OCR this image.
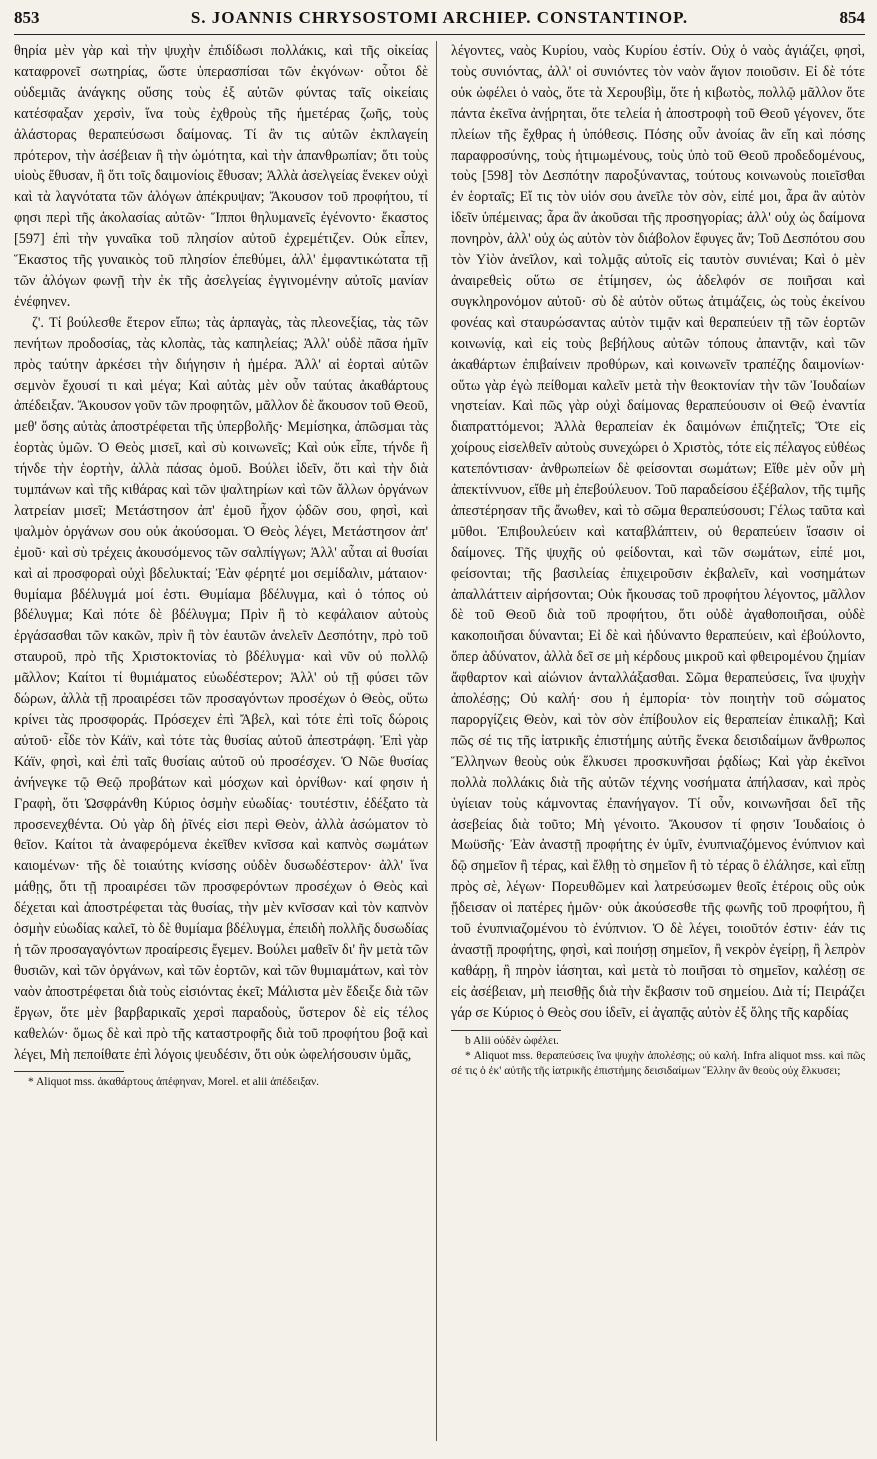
853	S. JOANNIS CHRYSOSTOMI ARCHIEP. CONSTANTINOP.	854

θηρία μὲν γὰρ καὶ τὴν ψυχὴν ἐπιδίδωσι πολλάκις, καὶ τῆς οἰκείας καταφρονεῖ σωτηρίας, ὥστε ὑπερασπίσαι τῶν ἐκγόνων· οὗτοι δὲ οὐδεμιᾶς ἀνάγκης οὔσης τοὺς ἐξ αὐτῶν φύντας ταῖς οἰκείαις κατέσφαξαν χερσὶν, ἵνα τοὺς ἐχθροὺς τῆς ἡμετέρας ζωῆς, τοὺς ἀλάστορας θεραπεύσωσι δαίμονας. Τί ἂν τις αὐτῶν ἐκπλαγείη πρότερον, τὴν ἀσέβειαν ἢ τὴν ὠμότητα, καὶ τὴν ἀπανθρωπίαν; ὅτι τοὺς υἱοὺς ἔθυσαν, ἢ ὅτι τοῖς δαιμονίοις ἔθυσαν; Ἀλλὰ ἀσελγείας ἕνεκεν οὐχὶ καὶ τὰ λαγνότατα τῶν ἀλόγων ἀπέκρυψαν; Ἄκουσον τοῦ προφήτου, τί φησι περὶ τῆς ἀκολασίας αὐτῶν· Ἵπποι θηλυμανεῖς ἐγένοντο· ἕκαστος [597] ἐπὶ τὴν γυναῖκα τοῦ πλησίον αὐτοῦ ἐχρεμέτιζεν. Οὐκ εἶπεν, Ἕκαστος τῆς γυναικὸς τοῦ πλησίον ἐπεθύμει, ἀλλ' ἐμφαντικώτατα τῇ τῶν ἀλόγων φωνῇ τὴν ἐκ τῆς ἀσελγείας ἐγγινομένην αὐτοῖς μανίαν ἐνέφηνεν.

ζ'. Τί βούλεσθε ἕτερον εἴπω; τὰς ἁρπαγὰς, τὰς πλεονεξίας, τὰς τῶν πενήτων προδοσίας, τὰς κλοπὰς, τὰς καπηλείας; Ἀλλ' οὐδὲ πᾶσα ἡμῖν πρὸς ταύτην ἀρκέσει τὴν διήγησιν ἡ ἡμέρα. Ἀλλ' αἱ ἑορταὶ αὐτῶν σεμνὸν ἔχουσί τι καὶ μέγα; Καὶ αὐτὰς μὲν οὖν ταύτας ἀκαθάρτους ἀπέδειξαν. Ἄκουσον γοῦν τῶν προφητῶν, μᾶλλον δὲ ἄκουσον τοῦ Θεοῦ, μεθ' ὅσης αὐτὰς ἀποστρέφεται τῆς ὑπερβολῆς· Μεμίσηκα, ἀπῶσμαι τὰς ἑορτὰς ὑμῶν. Ὁ Θεὸς μισεῖ, καὶ σὺ κοινωνεῖς; Καὶ οὐκ εἶπε, τήνδε ἢ τήνδε τὴν ἑορτὴν, ἀλλὰ πάσας ὁμοῦ. Βούλει ἰδεῖν, ὅτι καὶ τὴν διὰ τυμπάνων καὶ τῆς κιθάρας καὶ τῶν ψαλτηρίων καὶ τῶν ἄλλων ὀργάνων λατρείαν μισεῖ; Μετάστησον ἀπ' ἐμοῦ ἦχον ᾠδῶν σου, φησὶ, καὶ ψαλμὸν ὀργάνων σου οὐκ ἀκούσομαι. Ὁ Θεὸς λέγει, Μετάστησον ἀπ' ἐμοῦ· καὶ σὺ τρέχεις ἀκουσόμενος τῶν σαλπίγγων; Ἀλλ' αὗται αἱ θυσίαι καὶ αἱ προσφοραὶ οὐχὶ βδελυκταί; Ἐὰν φέρητέ μοι σεμίδαλιν, μάταιον· θυμίαμα βδέλυγμά μοί ἐστι. Θυμίαμα βδέλυγμα, καὶ ὁ τόπος οὐ βδέλυγμα; Καὶ πότε δὲ βδέλυγμα; Πρὶν ἢ τὸ κεφάλαιον αὐτοὺς ἐργάσασθαι τῶν κακῶν, πρὶν ἢ τὸν ἑαυτῶν ἀνελεῖν Δεσπότην, πρὸ τοῦ σταυροῦ, πρὸ τῆς Χριστοκτονίας τὸ βδέλυγμα· καὶ νῦν οὐ πολλῷ μᾶλλον; Καίτοι τί θυμιάματος εὐωδέστερον; Ἀλλ' οὐ τῇ φύσει τῶν δώρων, ἀλλὰ τῇ προαιρέσει τῶν προσαγόντων προσέχων ὁ Θεὸς, οὕτω κρίνει τὰς προσφοράς. Πρόσεχεν ἐπὶ Ἄβελ, καὶ τότε ἐπὶ τοῖς δώροις αὐτοῦ· εἶδε τὸν Κάϊν, καὶ τότε τὰς θυσίας αὐτοῦ ἀπεστράφη. Ἐπὶ γὰρ Κάϊν, φησὶ, καὶ ἐπὶ ταῖς θυσίαις αὐτοῦ οὐ προσέσχεν. Ὁ Νῶε θυσίας ἀνήνεγκε τῷ Θεῷ προβάτων καὶ μόσχων καὶ ὀρνίθων· καί φησιν ἡ Γραφὴ, ὅτι Ὠσφράνθη Κύριος ὀσμὴν εὐωδίας· τουτέστιν, ἐδέξατο τὰ προσενεχθέντα. Οὐ γὰρ δὴ ῥῖνές εἰσι περὶ Θεὸν, ἀλλὰ ἀσώματον τὸ θεῖον. Καίτοι τὰ ἀναφερόμενα ἐκεῖθεν κνῖσσα καὶ καπνὸς σωμάτων καιομένων· τῆς δὲ τοιαύτης κνίσσης οὐδὲν δυσωδέστερον· ἀλλ' ἵνα μάθῃς, ὅτι τῇ προαιρέσει τῶν προσφερόντων προσέχων ὁ Θεὸς καὶ δέχεται καὶ ἀποστρέφεται τὰς θυσίας, τὴν μὲν κνῖσσαν καὶ τὸν καπνὸν ὀσμὴν εὐωδίας καλεῖ, τὸ δὲ θυμίαμα βδέλυγμα, ἐπειδὴ πολλῆς δυσωδίας ἡ τῶν προσαγαγόντων προαίρεσις ἔγεμεν. Βούλει μαθεῖν δι' ἣν μετὰ τῶν θυσιῶν, καὶ τῶν ὀργάνων, καὶ τῶν ἑορτῶν, καὶ τῶν θυμιαμάτων, καὶ τὸν ναὸν ἀποστρέφεται διὰ τοὺς εἰσιόντας ἐκεῖ; Μάλιστα μὲν ἔδειξε διὰ τῶν ἔργων, ὅτε μὲν βαρβαρικαῖς χερσὶ παραδοὺς, ὕστερον δὲ εἰς τέλος καθελών· ὅμως δὲ καὶ πρὸ τῆς καταστροφῆς διὰ τοῦ προφήτου βοᾷ καὶ λέγει, Μὴ πεποίθατε ἐπὶ λόγοις ψευδέσιν, ὅτι οὐκ ὠφελήσουσιν ὑμᾶς,

* Aliquot mss. ἀκαθάρτους ἀπέφηναν, Morel. et alii ἀπέδειξαν.

λέγοντες, ναὸς Κυρίου, ναὸς Κυρίου ἐστίν. Οὐχ ὁ ναὸς ἁγιάζει, φησὶ, τοὺς συνιόντας, ἀλλ' οἱ συνιόντες τὸν ναὸν ἅγιον ποιοῦσιν. Εἰ δὲ τότε οὐκ ὠφέλει ὁ ναὸς, ὅτε τὰ Χερουβὶμ, ὅτε ἡ κιβωτὸς, πολλῷ μᾶλλον ὅτε πάντα ἐκεῖνα ἀνῄρηται, ὅτε τελεία ἡ ἀποστροφὴ τοῦ Θεοῦ γέγονεν, ὅτε πλείων τῆς ἔχθρας ἡ ὑπόθεσις. Πόσης οὖν ἀνοίας ἂν εἴη καὶ πόσης παραφροσύνης, τοὺς ἠτιμωμένους, τοὺς ὑπὸ τοῦ Θεοῦ προδεδομένους, τοὺς [598] τὸν Δεσπότην παροξύναντας, τούτους κοινωνοὺς ποιεῖσθαι ἐν ἑορταῖς; Εἴ τις τὸν υἱόν σου ἀνεῖλε τὸν σὸν, εἰπέ μοι, ἆρα ἂν αὐτὸν ἰδεῖν ὑπέμεινας; ἆρα ἂν ἀκοῦσαι τῆς προσηγορίας; ἀλλ' οὐχ ὡς δαίμονα πονηρὸν, ἀλλ' οὐχ ὡς αὐτὸν τὸν διάβολον ἔφυγες ἄν; Τοῦ Δεσπότου σου τὸν Υἱὸν ἀνεῖλον, καὶ τολμᾷς αὐτοῖς εἰς ταυτὸν συνιέναι; Καὶ ὁ μὲν ἀναιρεθεὶς οὕτω σε ἐτίμησεν, ὡς ἀδελφόν σε ποιῆσαι καὶ συγκληρονόμον αὐτοῦ· σὺ δὲ αὐτὸν οὕτως ἀτιμάζεις, ὡς τοὺς ἐκείνου φονέας καὶ σταυρώσαντας αὐτὸν τιμᾷν καὶ θεραπεύειν τῇ τῶν ἑορτῶν κοινωνίᾳ, καὶ εἰς τοὺς βεβήλους αὐτῶν τόπους ἀπαντᾷν, καὶ τῶν ἀκαθάρτων ἐπιβαίνειν προθύρων, καὶ κοινωνεῖν τραπέζης δαιμονίων· οὕτω γὰρ ἐγὼ πείθομαι καλεῖν μετὰ τὴν θεοκτονίαν τὴν τῶν Ἰουδαίων νηστείαν. Καὶ πῶς γὰρ οὐχὶ δαίμονας θεραπεύουσιν οἱ Θεῷ ἐναντία διαπραττόμενοι; Ἀλλὰ θεραπείαν ἐκ δαιμόνων ἐπιζητεῖς; Ὅτε εἰς χοίρους εἰσελθεῖν αὐτοὺς συνεχώρει ὁ Χριστὸς, τότε εἰς πέλαγος εὐθέως κατεπόντισαν· ἀνθρωπείων δὲ φείσονται σωμάτων; Εἴθε μὲν οὖν μὴ ἀπεκτίννυον, εἴθε μὴ ἐπεβούλευον. Τοῦ παραδείσου ἐξέβαλον, τῆς τιμῆς ἀπεστέρησαν τῆς ἄνωθεν, καὶ τὸ σῶμα θεραπεύσουσι; Γέλως ταῦτα καὶ μῦθοι. Ἐπιβουλεύειν καὶ καταβλάπτειν, οὐ θεραπεύειν ἴσασιν οἱ δαίμονες. Τῆς ψυχῆς οὐ φείδονται, καὶ τῶν σωμάτων, εἰπέ μοι, φείσονται; τῆς βασιλείας ἐπιχειροῦσιν ἐκβαλεῖν, καὶ νοσημάτων ἀπαλλάττειν αἱρήσονται; Οὐκ ἤκουσας τοῦ προφήτου λέγοντος, μᾶλλον δὲ τοῦ Θεοῦ διὰ τοῦ προφήτου, ὅτι οὐδὲ ἀγαθοποιῆσαι, οὐδὲ κακοποιῆσαι δύνανται; Εἰ δὲ καὶ ἠδύναντο θεραπεύειν, καὶ ἐβούλοντο, ὅπερ ἀδύνατον, ἀλλὰ δεῖ σε μὴ κέρδους μικροῦ καὶ φθειρομένου ζημίαν ἄφθαρτον καὶ αἰώνιον ἀνταλλάξασθαι. Σῶμα θεραπεύσεις, ἵνα ψυχὴν ἀπολέσῃς; Οὐ καλή· σου ἡ ἐμπορία· τὸν ποιητὴν τοῦ σώματος παροργίζεις Θεὸν, καὶ τὸν σὸν ἐπίβουλον εἰς θεραπείαν ἐπικαλῇ; Καὶ πῶς σέ τις τῆς ἰατρικῆς ἐπιστήμης αὐτῆς ἕνεκα δεισιδαίμων ἄνθρωπος Ἕλληνων θεοὺς οὐκ ἕλκυσει προσκυνῆσαι ῥᾳδίως; Καὶ γὰρ ἐκεῖνοι πολλὰ πολλάκις διὰ τῆς αὐτῶν τέχνης νοσήματα ἀπήλασαν, καὶ πρὸς ὑγίειαν τοὺς κάμνοντας ἐπανήγαγον. Τί οὖν, κοινωνῆσαι δεῖ τῆς ἀσεβείας διὰ τοῦτο; Μὴ γένοιτο. Ἄκουσον τί φησιν Ἰουδαίοις ὁ Μωϋσῆς· Ἐὰν ἀναστῇ προφήτης ἐν ὑμῖν, ἐνυπνιαζόμενος ἐνύπνιον καὶ δῷ σημεῖον ἢ τέρας, καὶ ἔλθῃ τὸ σημεῖον ἢ τὸ τέρας ὃ ἐλάλησε, καὶ εἴπῃ πρὸς σὲ, λέγων· Πορευθῶμεν καὶ λατρεύσωμεν θεοῖς ἑτέροις οὓς οὐκ ᾔδεισαν οἱ πατέρες ἡμῶν· οὐκ ἀκούσεσθε τῆς φωνῆς τοῦ προφήτου, ἢ τοῦ ἐνυπνιαζομένου τὸ ἐνύπνιον. Ὁ δὲ λέγει, τοιοῦτόν ἐστιν· ἐάν τις ἀναστῇ προφήτης, φησὶ, καὶ ποιήσῃ σημεῖον, ἢ νεκρὸν ἐγείρῃ, ἢ λεπρὸν καθάρῃ, ἢ πηρὸν ἰάσηται, καὶ μετὰ τὸ ποιῆσαι τὸ σημεῖον, καλέσῃ σε εἰς ἀσέβειαν, μὴ πεισθῇς διὰ τὴν ἔκβασιν τοῦ σημείου. Διὰ τί; Πειράζει γάρ σε Κύριος ὁ Θεὸς σου ἰδεῖν, εἰ ἀγαπᾷς αὐτὸν ἐξ ὅλης τῆς καρδίας

b Alii οὐδὲν ὠφέλει.
* Aliquot mss. θεραπεύσεις ἵνα ψυχὴν ἀπολέσῃς; οὐ καλή. Infra aliquot mss. καὶ πῶς σέ τις ὁ ἐκ' αὐτῆς τῆς ἰατρικῆς ἐπιστήμης δεισιδαίμων Ἕλλην ἂν θεοὺς οὐχ ἕλκυσει;
